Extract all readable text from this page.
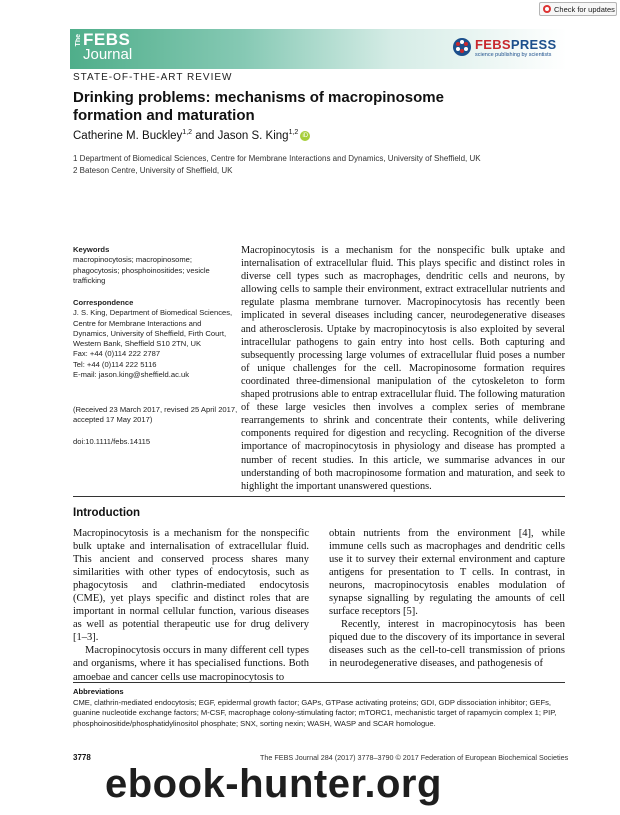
Check for updates
The FEBS
Journal
FEBSPRESS
science publishing by scientists
STATE-OF-THE-ART REVIEW
Drinking problems: mechanisms of macropinosome formation and maturation
Catherine M. Buckley$^{1,2}$ and Jason S. King$^{1,2}$ iD
1 Department of Biomedical Sciences, Centre for Membrane Interactions and Dynamics, University of Sheffield, UK
2 Bateson Centre, University of Sheffield, UK
Keywords
macropinocytosis; macropinosome; phagocytosis; phosphoinositides; vesicle trafficking
Correspondence
J. S. King, Department of Biomedical Sciences, Centre for Membrane Interactions and Dynamics, University of Sheffield, Firth Court, Western Bank, Sheffield S10 2TN, UK
Fax: +44 (0)114 222 2787
Tel: +44 (0)114 222 5116
E-mail: jason.king@sheffield.ac.uk
(Received 23 March 2017, revised 25 April 2017, accepted 17 May 2017)
doi:10.1111/febs.14115
Macropinocytosis is a mechanism for the nonspecific bulk uptake and internalisation of extracellular fluid. This plays specific and distinct roles in diverse cell types such as macrophages, dendritic cells and neurons, by allowing cells to sample their environment, extract extracellular nutrients and regulate plasma membrane turnover. Macropinocytosis has recently been implicated in several diseases including cancer, neurodegenerative diseases and atherosclerosis. Uptake by macropinocytosis is also exploited by several intracellular pathogens to gain entry into host cells. Both capturing and subsequently processing large volumes of extracellular fluid poses a number of unique challenges for the cell. Macropinosome formation requires coordinated three-dimensional manipulation of the cytoskeleton to form shaped protrusions able to entrap extracellular fluid. The following maturation of these large vesicles then involves a complex series of membrane rearrangements to shrink and concentrate their contents, while delivering components required for digestion and recycling. Recognition of the diverse importance of macropinocytosis in physiology and disease has prompted a number of recent studies. In this article, we summarise advances in our understanding of both macropinosome formation and maturation, and seek to highlight the important unanswered questions.
Introduction

Macropinocytosis is a mechanism for the nonspecific bulk uptake and internalisation of extracellular fluid. This ancient and conserved process shares many similarities with other types of endocytosis, such as phagocytosis and clathrin-mediated endocytosis (CME), yet plays specific and distinct roles that are important in normal cellular function, various diseases as well as potential therapeutic use for drug delivery [1–3].

Macropinocytosis occurs in many different cell types and organisms, where it has specialised functions. Both amoebae and cancer cells use macropinocytosis to

obtain nutrients from the environment [4], while immune cells such as macrophages and dendritic cells use it to survey their external environment and capture antigens for presentation to T cells. In contrast, in neurons, macropinocytosis enables modulation of synapse signalling by regulating the amounts of cell surface receptors [5].

Recently, interest in macropinocytosis has been piqued due to the discovery of its importance in several diseases such as the cell-to-cell transmission of prions in neurodegenerative diseases, and pathogenesis of

Abbreviations
CME, clathrin-mediated endocytosis; EGF, epidermal growth factor; GAPs, GTPase activating proteins; GDI, GDP dissociation inhibitor; GEFs, guanine nucleotide exchange factors; M-CSF, macrophage colony-stimulating factor; mTORC1, mechanistic target of rapamycin complex 1; PIP, phosphoinositide/phosphatidylinositol phosphate; SNX, sorting nexin; WASH, WASP and SCAR homologue.
3778	The FEBS Journal 284 (2017) 3778–3790 © 2017 Federation of European Biochemical Societies
ebook-hunter.org
